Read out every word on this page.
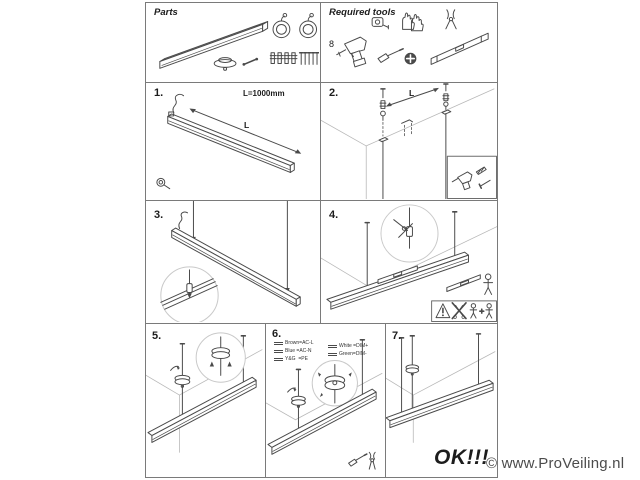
Parts	Required tools
8
1.	L=1000mm
L
2.	L
3.	4.
5.	6.
Brown=AC-L
Blue =AC-N
Y&G  =PE
White =DIM+
Green=DIM-
7.
OK!!!
© www.ProVeiling.nl
